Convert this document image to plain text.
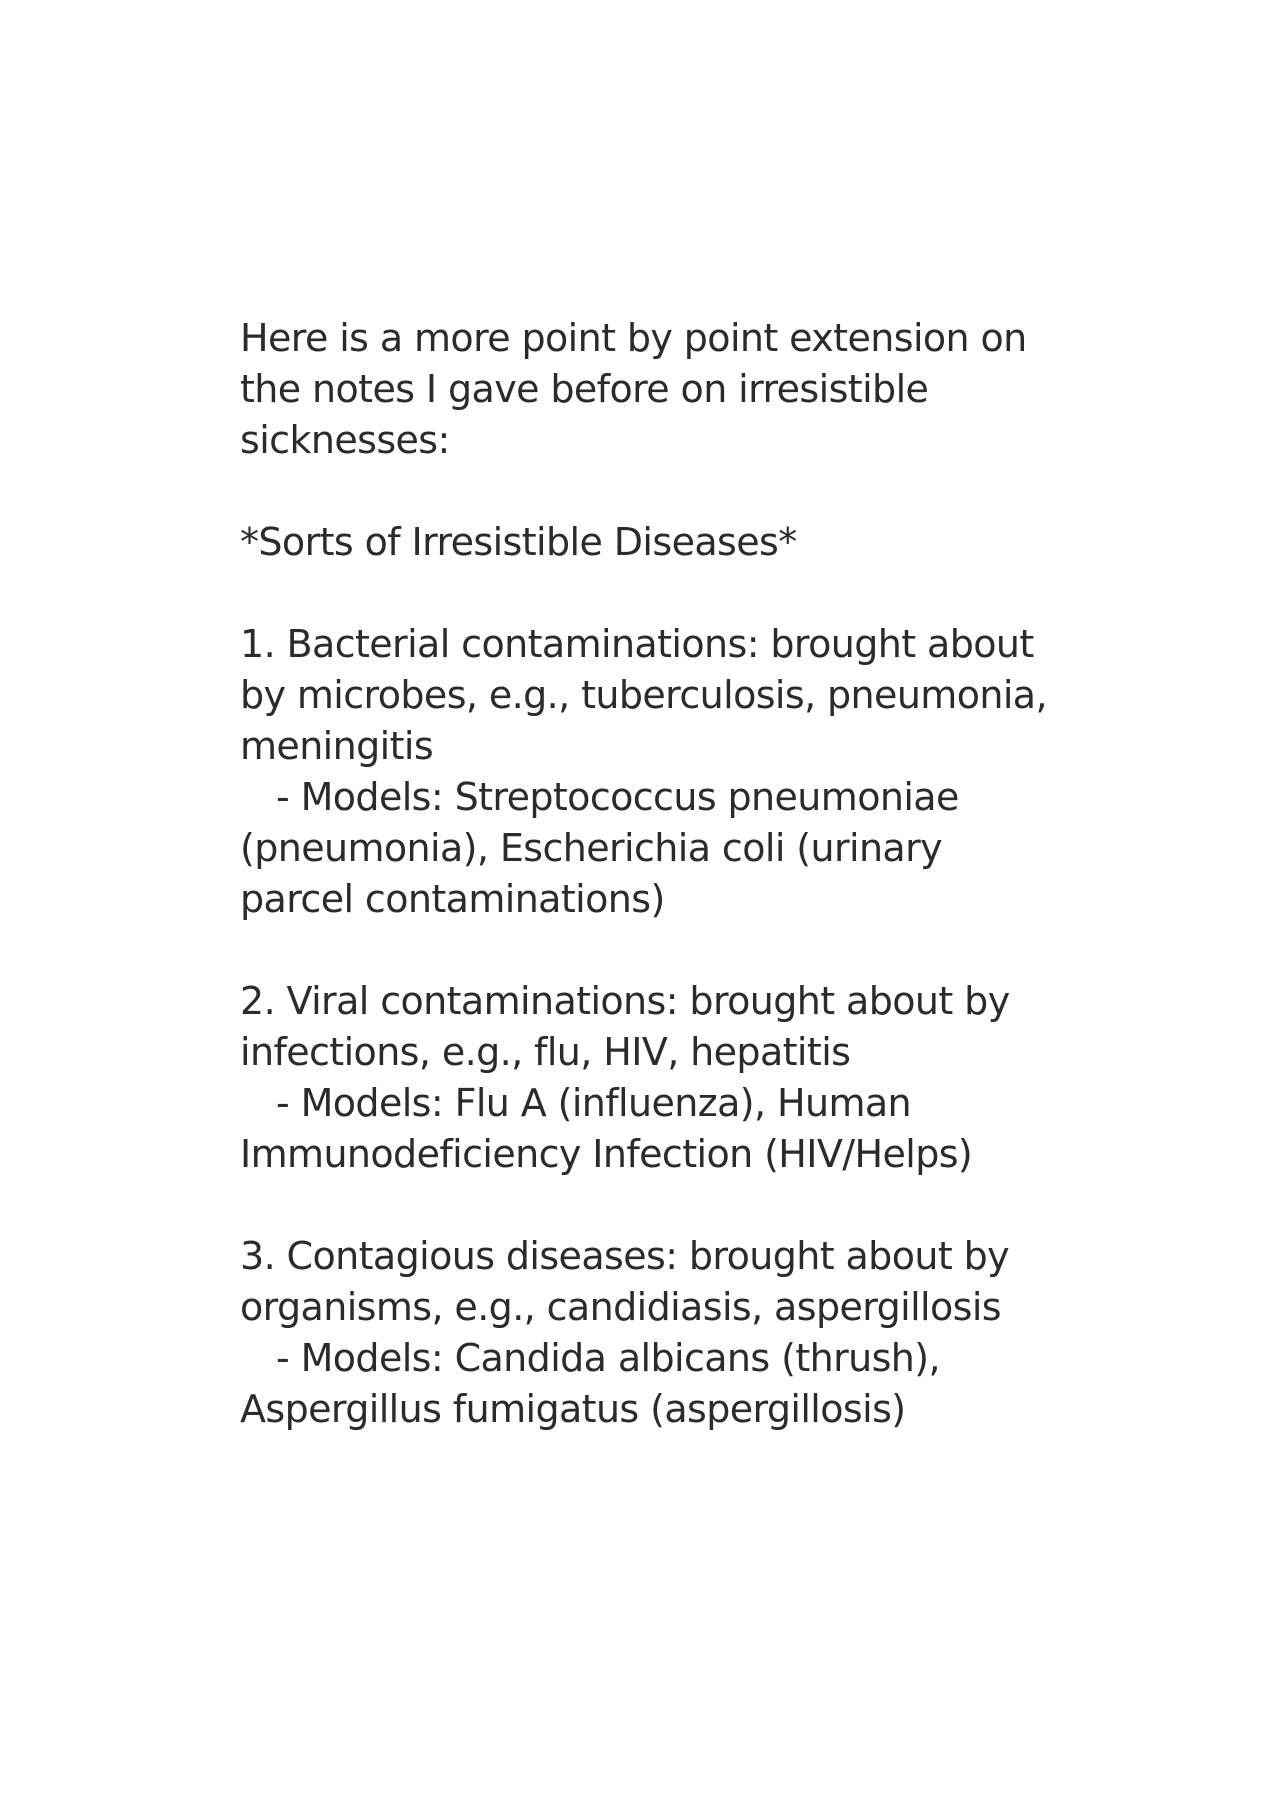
Here is a more point by point extension on
the notes I gave before on irresistible
sicknesses:
*Sorts of Irresistible Diseases*
1. Bacterial contaminations: brought about
by microbes, e.g., tuberculosis, pneumonia,
meningitis
- Models: Streptococcus pneumoniae
(pneumonia), Escherichia coli (urinary
parcel contaminations)
2. Viral contaminations: brought about by
infections, e.g., flu, HIV, hepatitis
- Models: Flu A (influenza), Human
Immunodeficiency Infection (HIV/Helps)
3. Contagious diseases: brought about by
organisms, e.g., candidiasis, aspergillosis
- Models: Candida albicans (thrush),
Aspergillus fumigatus (aspergillosis)
